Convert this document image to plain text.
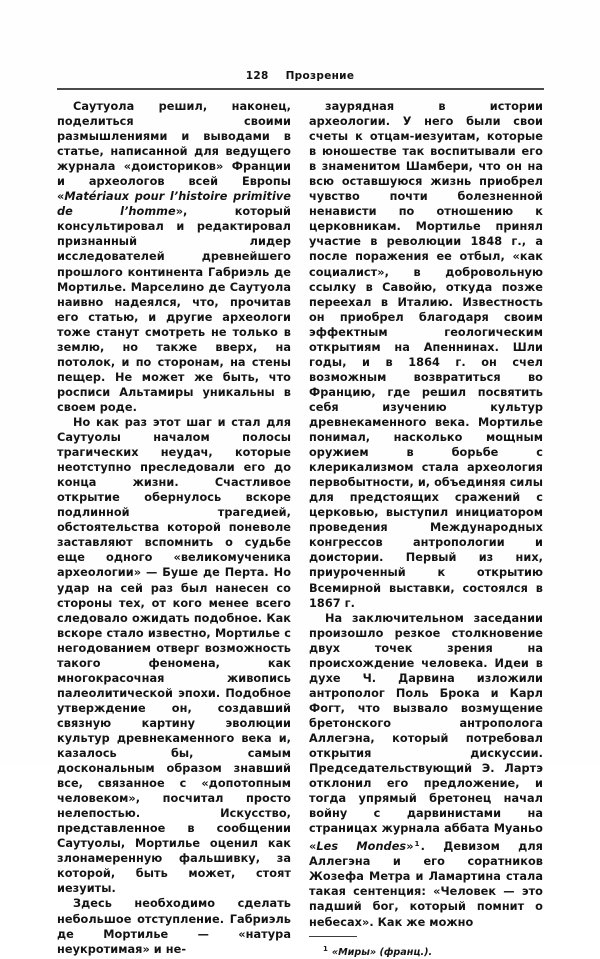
128 Прозрение

Саутуола решил, наконец, поделиться своими размышлениями и выводами в статье, написанной для ведущего журнала «доисториков» Франции и археологов всей Европы «Matériaux pour l’histoire primitive de l’homme», который консультировал и редактировал признанный лидер исследователей древнейшего прошлого континента Габриэль де Мортилье. Марселино де Саутуола наивно надеялся, что, прочитав его статью, и другие археологи тоже станут смотреть не только в землю, но также вверх, на потолок, и по сторонам, на стены пещер. Не может же быть, что росписи Альтамиры уникальны в своем роде.

Но как раз этот шаг и стал для Саутуолы началом полосы трагических неудач, которые неотступно преследовали его до конца жизни. Счастливое открытие обернулось вскоре подлинной трагедией, обстоятельства которой поневоле заставляют вспомнить о судьбе еще одного «великомученика археологии» — Буше де Перта. Но удар на сей раз был нанесен со стороны тех, от кого менее всего следовало ожидать подобное. Как вскоре стало известно, Мортилье с негодованием отверг возможность такого феномена, как многокрасочная живопись палеолитической эпохи. Подобное утверждение он, создавший связную картину эволюции культур древнекаменного века и, казалось бы, самым доскональным образом знавший все, связанное с «допотопным человеком», посчитал просто нелепостью. Искусство, представленное в сообщении Саутуолы, Мортилье оценил как злонамеренную фальшивку, за которой, быть может, стоят иезуиты.

Здесь необходимо сделать небольшое отступление. Габриэль де Мортилье — «натура неукротимая» и не-

заурядная в истории археологии. У него были свои счеты к отцам-иезуитам, которые в юношестве так воспитывали его в знаменитом Шамбери, что он на всю оставшуюся жизнь приобрел чувство почти болезненной ненависти по отношению к церковникам. Мортилье принял участие в революции 1848 г., а после поражения ее отбыл, «как социалист», в добровольную ссылку в Савойю, откуда позже переехал в Италию. Известность он приобрел благодаря своим эффектным геологическим открытиям на Апеннинах. Шли годы, и в 1864 г. он счел возможным возвратиться во Францию, где решил посвятить себя изучению культур древнекаменного века. Мортилье понимал, насколько мощным оружием в борьбе с клерикализмом стала археология первобытности, и, объединяя силы для предстоящих сражений с церковью, выступил инициатором проведения Международных конгрессов антропологии и доистории. Первый из них, приуроченный к открытию Всемирной выставки, состоялся в 1867 г.

На заключительном заседании произошло резкое столкновение двух точек зрения на происхождение человека. Идеи в духе Ч. Дарвина изложили антрополог Поль Брока и Карл Фогт, что вызвало возмущение бретонского антрополога Аллегэна, который потребовал открытия дискуссии. Председательствующий Э. Лартэ отклонил его предложение, и тогда упрямый бретонец начал войну с дарвинистами на страницах журнала аббата Муаньо «Les Mondes»$^1$. Девизом для Аллегэна и его соратников Жозефа Метра и Ламартина стала такая сентенция: «Человек — это падший бог, который помнит о небесах». Как же можно

$^1$ «Миры» (франц.).
